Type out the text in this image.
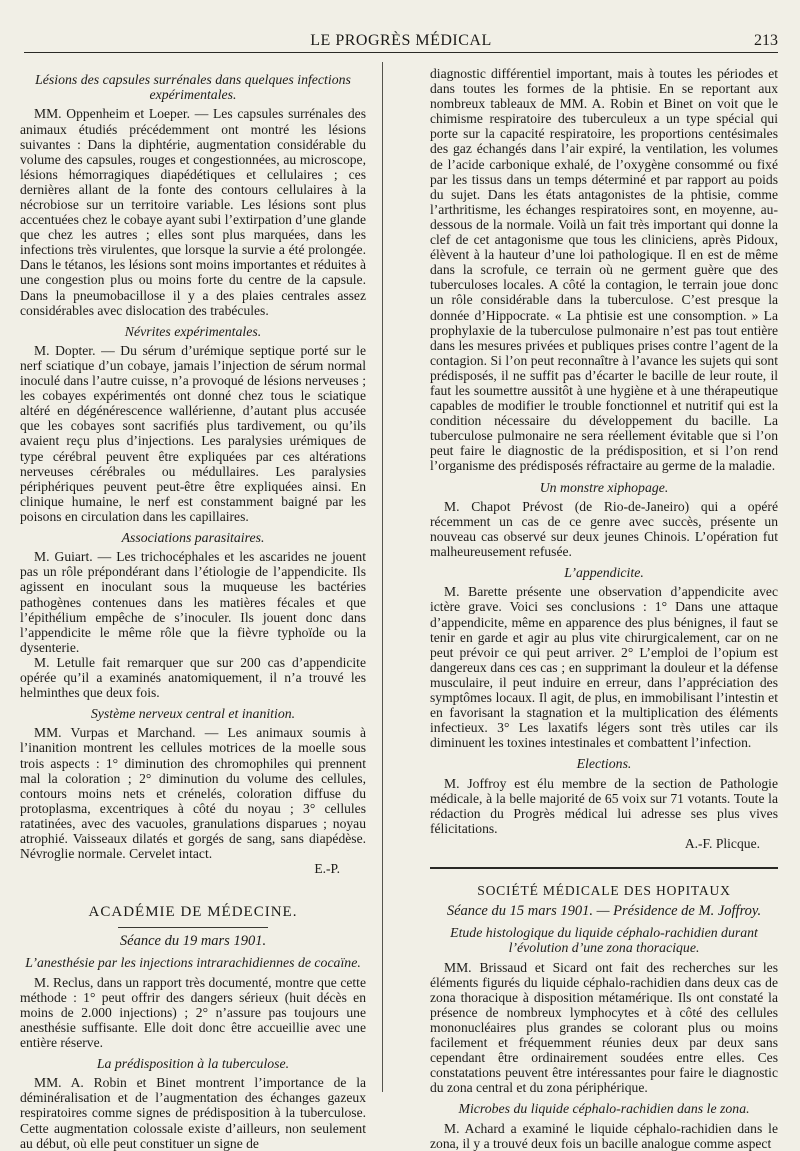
LE PROGRÈS MÉDICAL	213
Lésions des capsules surrénales dans quelques infections expérimentales.

MM. Oppenheim et Loeper. — Les capsules surrénales des animaux étudiés précédemment ont montré les lésions suivantes : Dans la diphtérie, augmentation considérable du volume des capsules, rouges et congestionnées, au microscope, lésions hémorragiques diapédétiques et cellulaires ; ces dernières allant de la fonte des contours cellulaires à la nécrobiose sur un territoire variable. Les lésions sont plus accentuées chez le cobaye ayant subi l’extirpation d’une glande que chez les autres ; elles sont plus marquées, dans les infections très virulentes, que lorsque la survie a été prolongée. Dans le tétanos, les lésions sont moins importantes et réduites à une congestion plus ou moins forte du centre de la capsule. Dans la pneumobacillose il y a des plaies centrales assez considérables avec dislocation des trabécules.

Névrites expérimentales.

M. Dopter. — Du sérum d’urémique septique porté sur le nerf sciatique d’un cobaye, jamais l’injection de sérum normal inoculé dans l’autre cuisse, n’a provoqué de lésions nerveuses ; les cobayes expérimentés ont donné chez tous le sciatique altéré en dégénérescence wallérienne, d’autant plus accusée que les cobayes sont sacrifiés plus tardivement, ou qu’ils avaient reçu plus d’injections. Les paralysies urémiques de type cérébral peuvent être expliquées par ces altérations nerveuses cérébrales ou médullaires. Les paralysies périphériques peuvent peut-être être expliquées ainsi. En clinique humaine, le nerf est constamment baigné par les poisons en circulation dans les capillaires.

Associations parasitaires.

M. Guiart. — Les trichocéphales et les ascarides ne jouent pas un rôle prépondérant dans l’étiologie de l’appendicite. Ils agissent en inoculant sous la muqueuse les bactéries pathogènes contenues dans les matières fécales et que l’épithélium empêche de s’inoculer. Ils jouent donc dans l’appendicite le même rôle que la fièvre typhoïde ou la dysenterie.

M. Letulle fait remarquer que sur 200 cas d’appendicite opérée qu’il a examinés anatomiquement, il n’a trouvé les helminthes que deux fois.

Système nerveux central et inanition.

MM. Vurpas et Marchand. — Les animaux soumis à l’inanition montrent les cellules motrices de la moelle sous trois aspects : 1° diminution des chromophiles qui prennent mal la coloration ; 2° diminution du volume des cellules, contours moins nets et crénelés, coloration diffuse du protoplasma, excentriques à côté du noyau ; 3° cellules ratatinées, avec des vacuoles, granulations disparues ; noyau atrophié. Vaisseaux dilatés et gorgés de sang, sans diapédèse. Névroglie normale. Cervelet intact.

E.-P.

ACADÉMIE DE MÉDECINE.
Séance du 19 mars 1901.
L’anesthésie par les injections intrarachidiennes de cocaïne.

M. Reclus, dans un rapport très documenté, montre que cette méthode : 1° peut offrir des dangers sérieux (huit décès en moins de 2.000 injections) ; 2° n’assure pas toujours une anesthésie suffisante. Elle doit donc être accueillie avec une entière réserve.

La prédisposition à la tuberculose.

MM. A. Robin et Binet montrent l’importance de la déminéralisation et de l’augmentation des échanges gazeux respiratoires comme signes de prédisposition à la tuberculose. Cette augmentation colossale existe d’ailleurs, non seulement au début, où elle peut constituer un signe de

diagnostic différentiel important, mais à toutes les périodes et dans toutes les formes de la phtisie. En se reportant aux nombreux tableaux de MM. A. Robin et Binet on voit que le chimisme respiratoire des tuberculeux a un type spécial qui porte sur la capacité respiratoire, les proportions centésimales des gaz échangés dans l’air expiré, la ventilation, les volumes de l’acide carbonique exhalé, de l’oxygène consommé ou fixé par les tissus dans un temps déterminé et par rapport au poids du sujet. Dans les états antagonistes de la phtisie, comme l’arthritisme, les échanges respiratoires sont, en moyenne, au-dessous de la normale. Voilà un fait très important qui donne la clef de cet antagonisme que tous les cliniciens, après Pidoux, élèvent à la hauteur d’une loi pathologique. Il en est de même dans la scrofule, ce terrain où ne germent guère que des tuberculoses locales. A côté la contagion, le terrain joue donc un rôle considérable dans la tuberculose. C’est presque la donnée d’Hippocrate. « La phtisie est une consomption. » La prophylaxie de la tuberculose pulmonaire n’est pas tout entière dans les mesures privées et publiques prises contre l’agent de la contagion. Si l’on peut reconnaître à l’avance les sujets qui sont prédisposés, il ne suffit pas d’écarter le bacille de leur route, il faut les soumettre aussitôt à une hygiène et à une thérapeutique capables de modifier le trouble fonctionnel et nutritif qui est la condition nécessaire du développement du bacille. La tuberculose pulmonaire ne sera réellement évitable que si l’on peut faire le diagnostic de la prédisposition, et si l’on rend l’organisme des prédisposés réfractaire au germe de la maladie.

Un monstre xiphopage.

M. Chapot Prévost (de Rio-de-Janeiro) qui a opéré récemment un cas de ce genre avec succès, présente un nouveau cas observé sur deux jeunes Chinois. L’opération fut malheureusement refusée.

L’appendicite.

M. Barette présente une observation d’appendicite avec ictère grave. Voici ses conclusions : 1° Dans une attaque d’appendicite, même en apparence des plus bénignes, il faut se tenir en garde et agir au plus vite chirurgicalement, car on ne peut prévoir ce qui peut arriver. 2° L’emploi de l’opium est dangereux dans ces cas ; en supprimant la douleur et la défense musculaire, il peut induire en erreur, dans l’appréciation des symptômes locaux. Il agit, de plus, en immobilisant l’intestin et en favorisant la stagnation et la multiplication des éléments infectieux. 3° Les laxatifs légers sont très utiles car ils diminuent les toxines intestinales et combattent l’infection.

Elections.

M. Joffroy est élu membre de la section de Pathologie médicale, à la belle majorité de 65 voix sur 71 votants. Toute la rédaction du Progrès médical lui adresse ses plus vives félicitations.

A.-F. Plicque.

SOCIÉTÉ MÉDICALE DES HOPITAUX
Séance du 15 mars 1901. — Présidence de M. Joffroy.
Etude histologique du liquide céphalo-rachidien durant l’évolution d’une zona thoracique.

MM. Brissaud et Sicard ont fait des recherches sur les éléments figurés du liquide céphalo-rachidien dans deux cas de zona thoracique à disposition métamérique. Ils ont constaté la présence de nombreux lymphocytes et à côté des cellules mononucléaires plus grandes se colorant plus ou moins facilement et fréquemment réunies deux par deux sans cependant être ordinairement soudées entre elles. Ces constatations peuvent être intéressantes pour faire le diagnostic du zona central et du zona périphérique.

Microbes du liquide céphalo-rachidien dans le zona.

M. Achard a examiné le liquide céphalo-rachidien dans le zona, il y a trouvé deux fois un bacille analogue comme aspect
